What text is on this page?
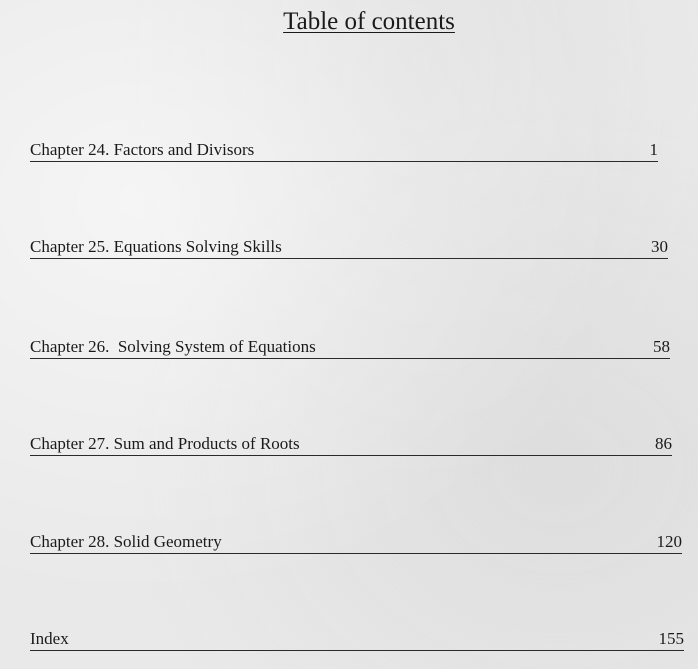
Table of contents
Chapter 24. Factors and Divisors	1
Chapter 25. Equations Solving Skills	30
Chapter 26.  Solving System of Equations	58
Chapter 27. Sum and Products of Roots	86
Chapter 28. Solid Geometry	120
Index	155
